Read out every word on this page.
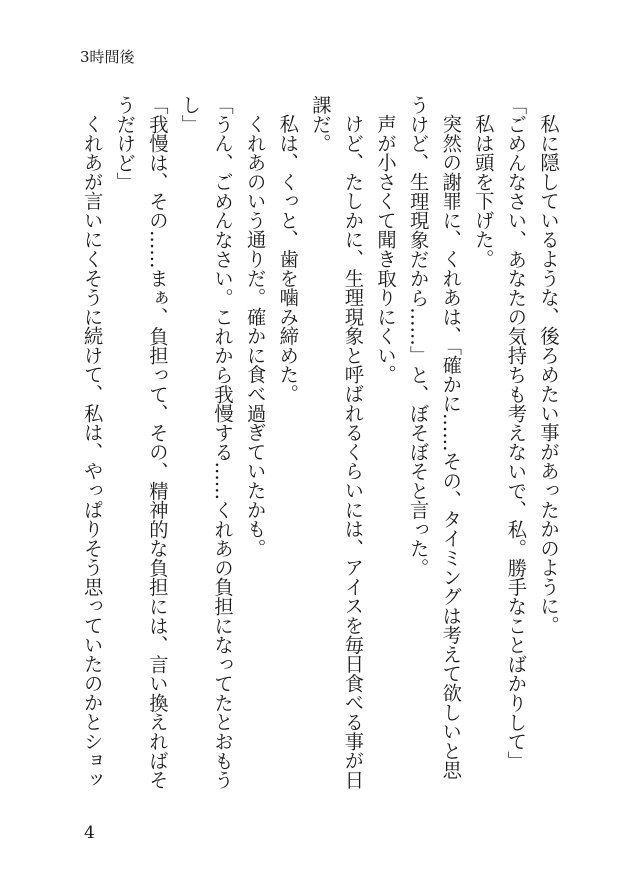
3時間後
私に隠しているような、後ろめたい事があったかのように。
「ごめんなさい、あなたの気持ちも考えないで、私。勝手なことばかりして」
私は頭を下げた。
突然の謝罪に、くれあは、「確かに……その、タイミングは考えて欲しいと思
うけど、生理現象だから……」と、ぼそぼそと言った。
声が小さくて聞き取りにくい。
けど、たしかに、生理現象と呼ばれるくらいには、アイスを毎日食べる事が日
課だ。
私は、くっと、歯を噛み締めた。
くれあのいう通りだ。確かに食べ過ぎていたかも。
「うん、ごめんなさい。これから我慢する……くれあの負担になってたとおもう
し」
「我慢は、その……まぁ、負担って、その、精神的な負担には、言い換えればそ
うだけど」
くれあが言いにくそうに続けて、私は、やっぱりそう思っていたのかとショッ
4
